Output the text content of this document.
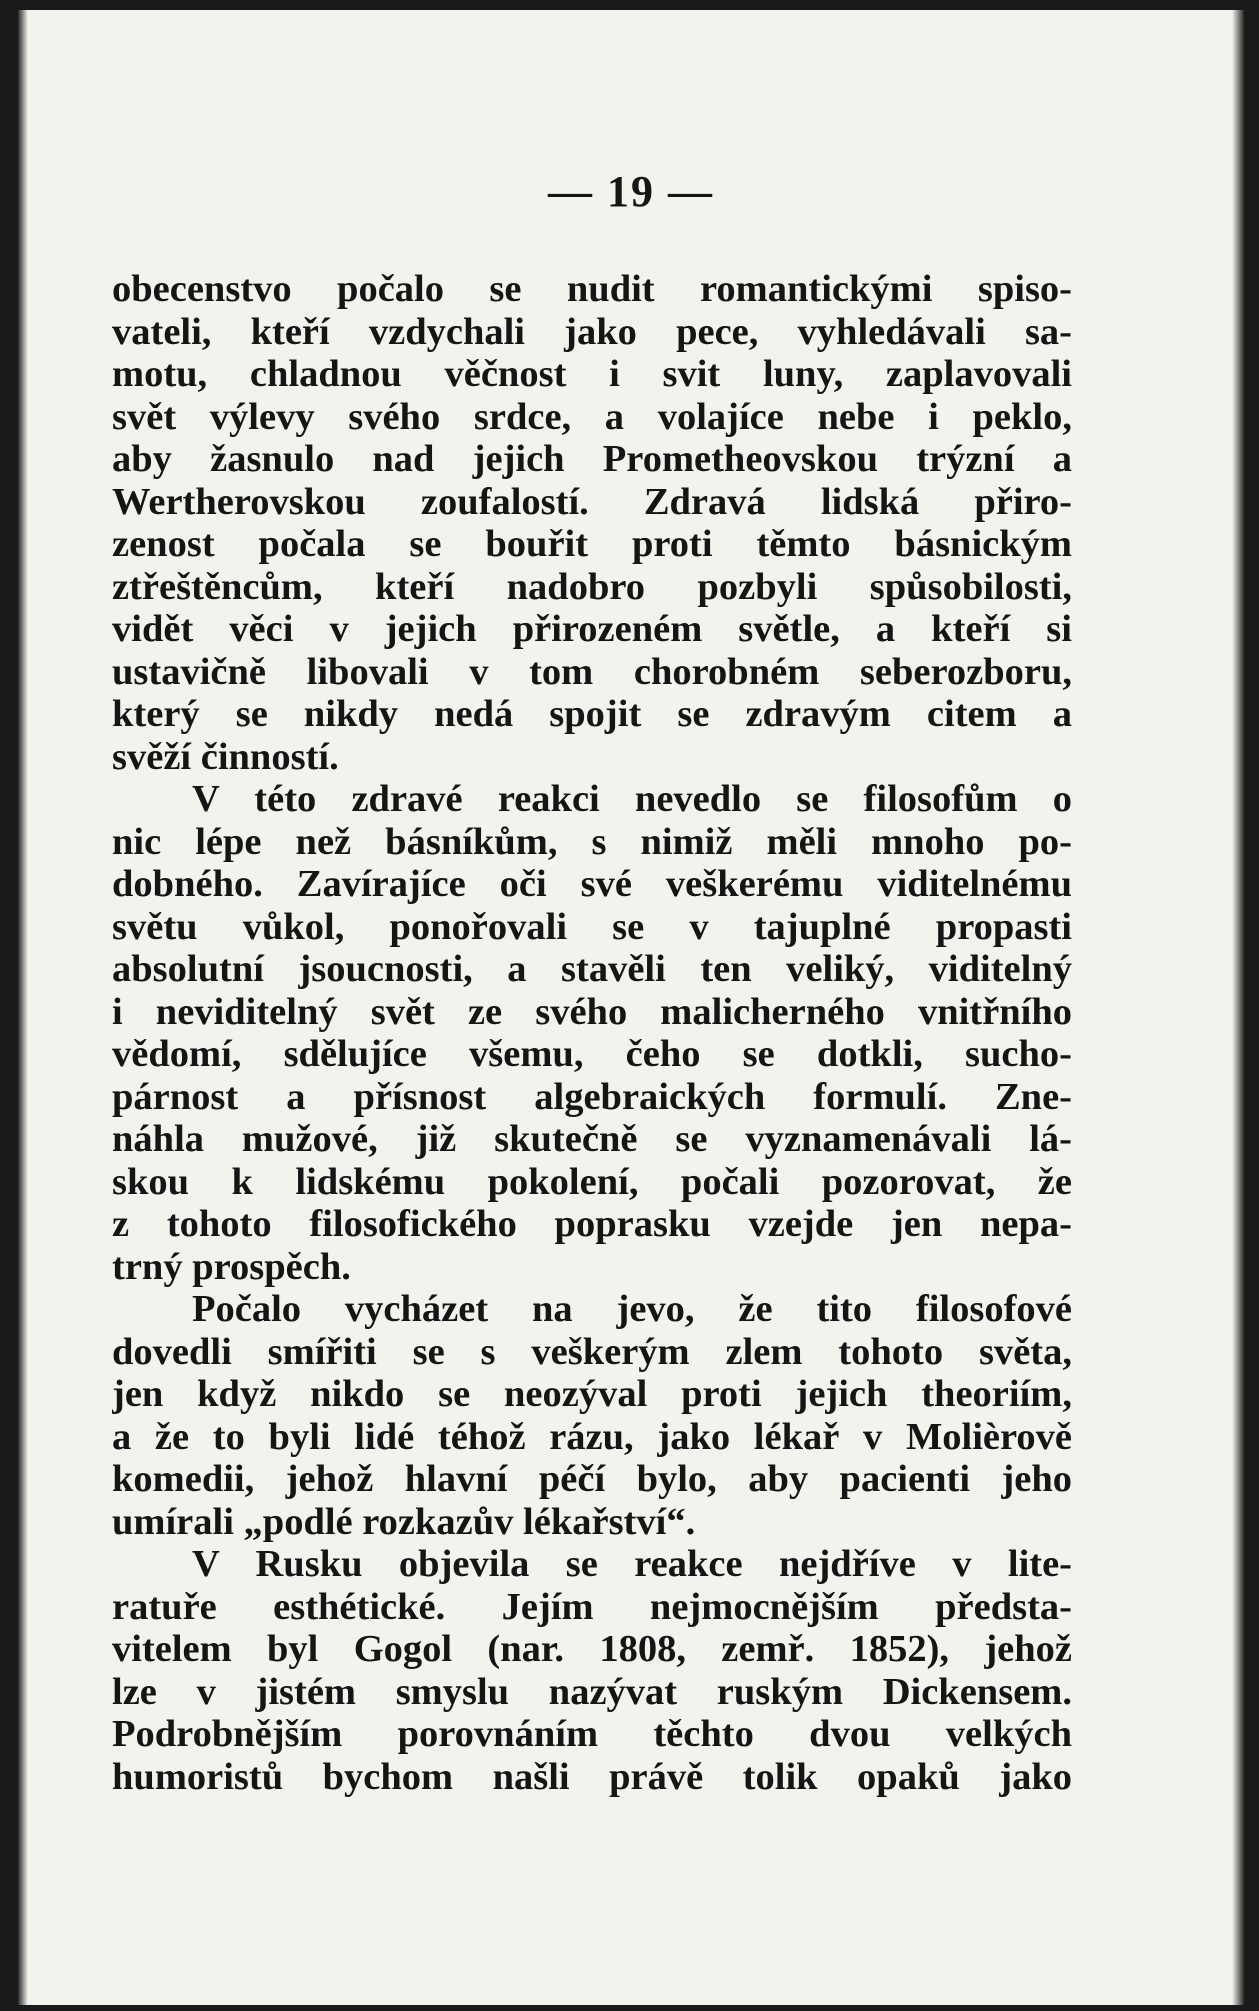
— 19 —
obecenstvo počalo se nudit romantickými spiso-
vateli, kteří vzdychali jako pece, vyhledávali sa-
motu, chladnou věčnost i svit luny, zaplavovali
svět výlevy svého srdce, a volajíce nebe i peklo,
aby žasnulo nad jejich Prometheovskou trýzní a
Wertherovskou zoufalostí. Zdravá lidská přiro-
zenost počala se bouřit proti těmto básnickým
ztřeštěncům, kteří nadobro pozbyli spůsobilosti,
vidět věci v jejich přirozeném světle, a kteří si
ustavičně libovali v tom chorobném seberozboru,
který se nikdy nedá spojit se zdravým citem a
svěží činností.
V této zdravé reakci nevedlo se filosofům o
nic lépe než básníkům, s nimiž měli mnoho po-
dobného. Zavírajíce oči své veškerému viditelnému
světu vůkol, ponořovali se v tajuplné propasti
absolutní jsoucnosti, a stavěli ten veliký, viditelný
i neviditelný svět ze svého malicherného vnitřního
vědomí, sdělujíce všemu, čeho se dotkli, sucho-
párnost a přísnost algebraických formulí. Zne-
náhla mužové, již skutečně se vyznamenávali lá-
skou k lidskému pokolení, počali pozorovat, že
z tohoto filosofického poprasku vzejde jen nepa-
trný prospěch.
Počalo vycházet na jevo, že tito filosofové
dovedli smířiti se s veškerým zlem tohoto světa,
jen když nikdo se neozýval proti jejich theoriím,
a že to byli lidé téhož rázu, jako lékař v Molièrově
komedii, jehož hlavní péčí bylo, aby pacienti jeho
umírali „podlé rozkazův lékařství“.
V Rusku objevila se reakce nejdříve v lite-
ratuře esthétické. Jejím nejmocnějším předsta-
vitelem byl Gogol (nar. 1808, zemř. 1852), jehož
lze v jistém smyslu nazývat ruským Dickensem.
Podrobnějším porovnáním těchto dvou velkých
humoristů bychom našli právě tolik opaků jako
